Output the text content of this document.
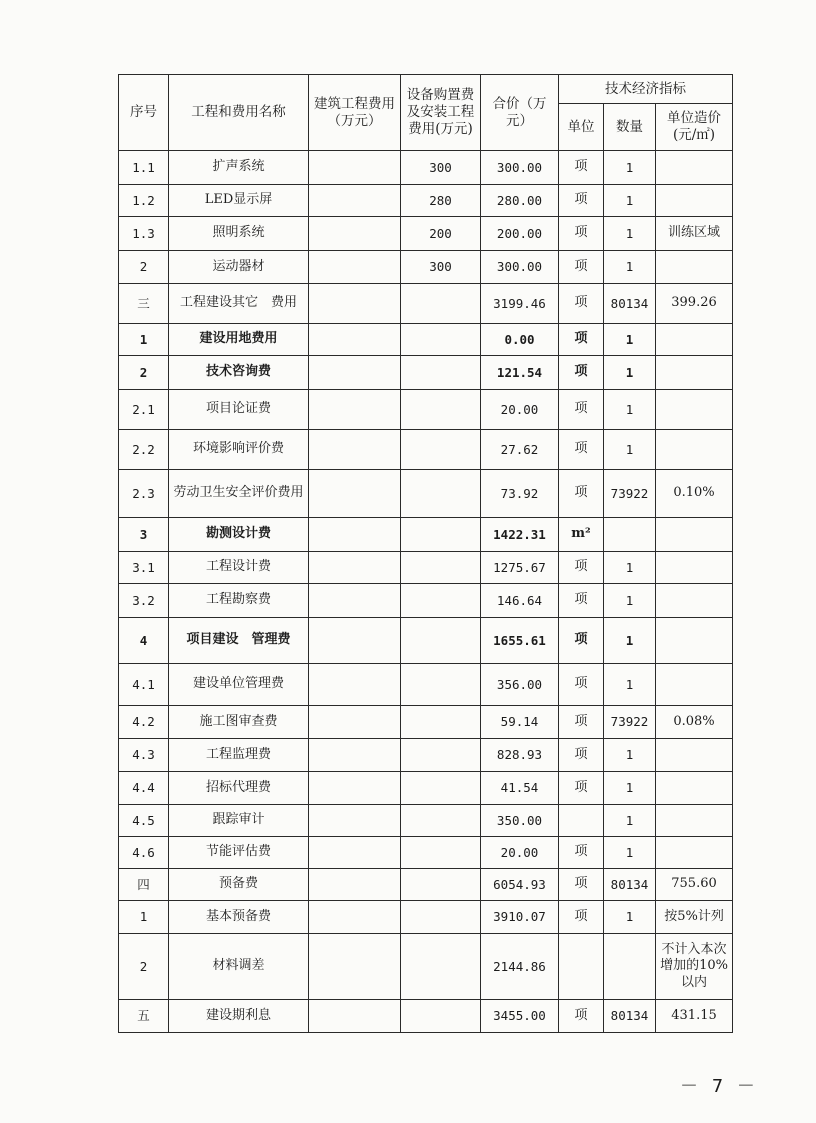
序号	工程和费用名称	建筑工程费用（万元）	设备购置费及安装工程费用(万元)	合价（万元）	技术经济指标		
					单位	数量	单位造价(元/㎡)
1.1	扩声系统		300	300.00	项	1	
1.2	LED显示屏		280	280.00	项	1	
1.3	照明系统		200	200.00	项	1	训练区域
2	运动器材		300	300.00	项	1	
三	工程建设其它　费用			3199.46	项	80134	399.26
1	建设用地费用			0.00	项	1	
2	技术咨询费			121.54	项	1	
2.1	项目论证费			20.00	项	1	
2.2	环境影响评价费			27.62	项	1	
2.3	劳动卫生安全评价费用			73.92	项	73922	0.10%
3	勘测设计费			1422.31	m²		
3.1	工程设计费			1275.67	项	1	
3.2	工程勘察费			146.64	项	1	
4	项目建设　管理费			1655.61	项	1	
4.1	建设单位管理费			356.00	项	1	
4.2	施工图审查费			59.14	项	73922	0.08%
4.3	工程监理费			828.93	项	1	
4.4	招标代理费			41.54	项	1	
4.5	跟踪审计			350.00		1	
4.6	节能评估费			20.00	项	1	
四	预备费			6054.93	项	80134	755.60
1	基本预备费			3910.07	项	1	按5%计列
2	材料调差			2144.86			不计入本次增加的10%以内
五	建设期利息			3455.00	项	80134	431.15
－ 7 －
